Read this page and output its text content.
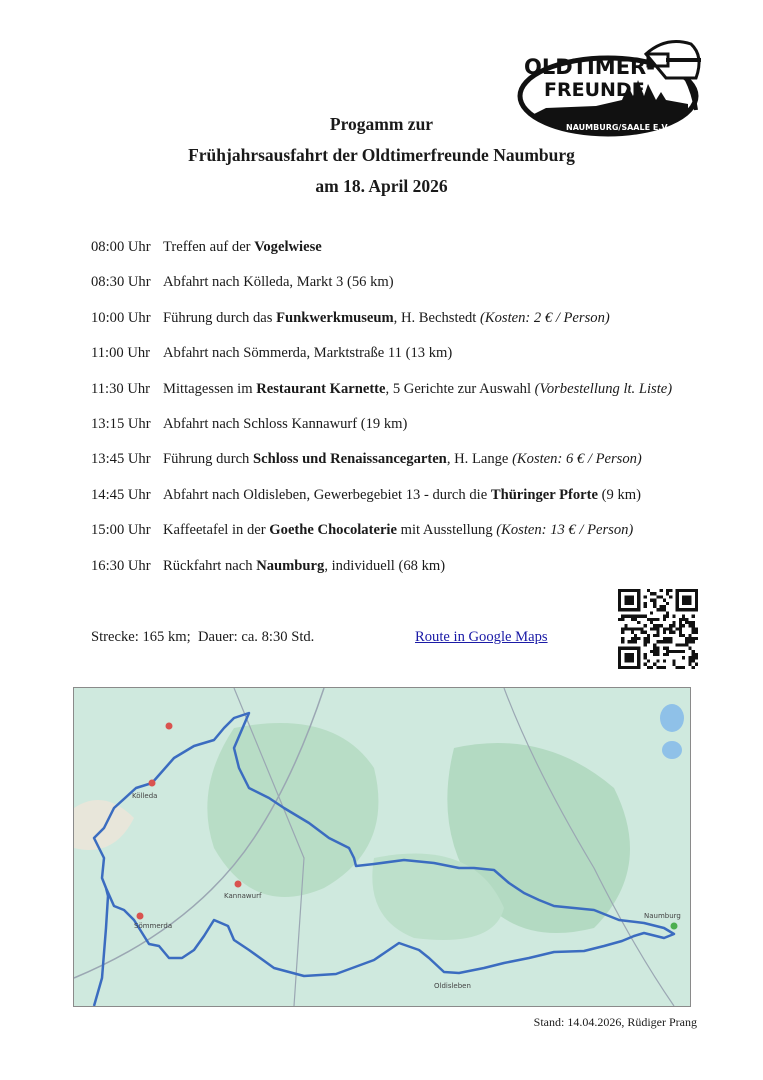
OLDTIMER-
FREUNDE
NAUMBURG/SAALE E.V.
Progamm zur
Frühjahrsausfahrt der Oldtimerfreunde Naumburg
am 18. April 2026
08:00 Uhr Treffen auf der Vogelwiese
08:30 Uhr Abfahrt nach Kölleda, Markt 3 (56 km)
10:00 Uhr Führung durch das Funkwerkmuseum, H. Bechstedt (Kosten: 2 € / Person)
11:00 Uhr Abfahrt nach Sömmerda, Marktstraße 11 (13 km)
11:30 Uhr Mittagessen im Restaurant Karnette, 5 Gerichte zur Auswahl (Vorbestellung lt. Liste)
13:15 Uhr Abfahrt nach Schloss Kannawurf (19 km)
13:45 Uhr Führung durch Schloss und Renaissancegarten, H. Lange (Kosten: 6 € / Person)
14:45 Uhr Abfahrt nach Oldisleben, Gewerbegebiet 13 - durch die Thüringer Pforte (9 km)
15:00 Uhr Kaffeetafel in der Goethe Chocolaterie mit Ausstellung (Kosten: 13 € / Person)
16:30 Uhr Rückfahrt nach Naumburg, individuell (68 km)
Strecke: 165 km;  Dauer: ca. 8:30 Std.	Route in Google Maps
Kölleda
Sömmerda
Kannawurf
Oldisleben
Naumburg
Stand: 14.04.2026, Rüdiger Prang
